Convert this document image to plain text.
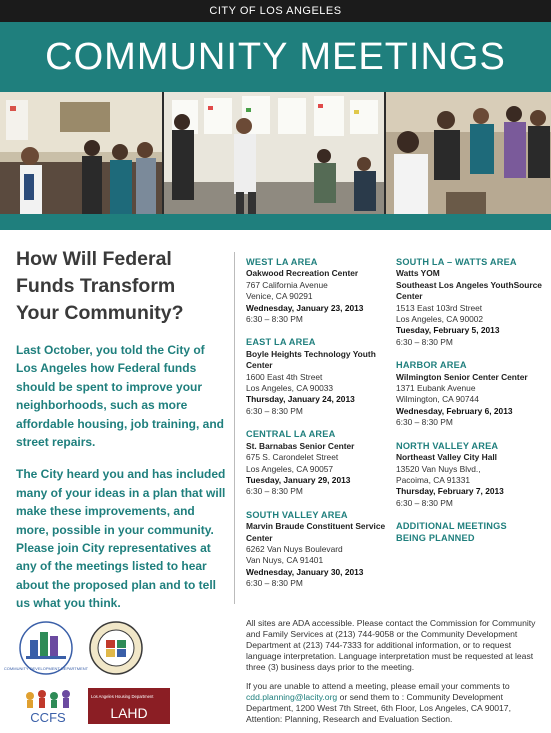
CITY OF LOS ANGELES
COMMUNITY MEETINGS
How Will Federal
Funds Transform
Your Community?
Last October, you told the City of Los Angeles how Federal funds should be spent to improve your neighborhoods, such as more affordable housing, job training, and street repairs.
The City heard you and has included many of your ideas in a plan that will make these improvements, and more, possible in your community. Please join City representatives at any of the meetings listed to hear about the proposed plan and to tell us what you think.
WEST LA AREA
Oakwood Recreation Center
767 California Avenue
Venice, CA 90291
Wednesday, January 23, 2013
6:30 – 8:30 PM
EAST LA AREA
Boyle Heights Technology Youth Center
1600 East 4th Street
Los Angeles, CA 90033
Thursday, January 24, 2013
6:30 – 8:30 PM
CENTRAL LA AREA
St. Barnabas Senior Center
675 S. Carondelet Street
Los Angeles, CA 90057
Tuesday, January 29, 2013
6:30 – 8:30 PM
SOUTH VALLEY AREA
Marvin Braude Constituent Service Center
6262 Van Nuys Boulevard
Van Nuys, CA 91401
Wednesday, January 30, 2013
6:30 – 8:30 PM
SOUTH LA – WATTS AREA
Watts YOM
Southeast Los Angeles YouthSource Center
1513 East 103rd Street
Los Angeles, CA 90002
Tuesday, February 5, 2013
6:30 – 8:30 PM
HARBOR AREA
Wilmington Senior Center Center
1371 Eubank Avenue
Wilmington, CA 90744
Wednesday, February 6, 2013
6:30 – 8:30 PM
NORTH VALLEY AREA
Northeast Valley City Hall
13520 Van Nuys Blvd.,
Pacoima, CA 91331
Thursday, February 7, 2013
6:30 – 8:30 PM
ADDITIONAL MEETINGS
BEING PLANNED

All sites are ADA accessible. Please contact the Commission for Community and Family Services at (213) 744-9058 or the Community Development Department at (213) 744-7333 for additional information, or to request language interpretation. Language interpretation must be requested at least three (3) business days prior to the meeting.

If you are unable to attend a meeting, please email your comments to
cdd.planning@lacity.org or send them to : Community Development Department, 1200 West 7th Street, 6th Floor, Los Angeles, CA 90017, Attention: Planning, Research and Evaluation Section.

COMMUNITY DEVELOPMENT DEPARTMENT
CCFS
Los Angeles Housing Department
LAHD
